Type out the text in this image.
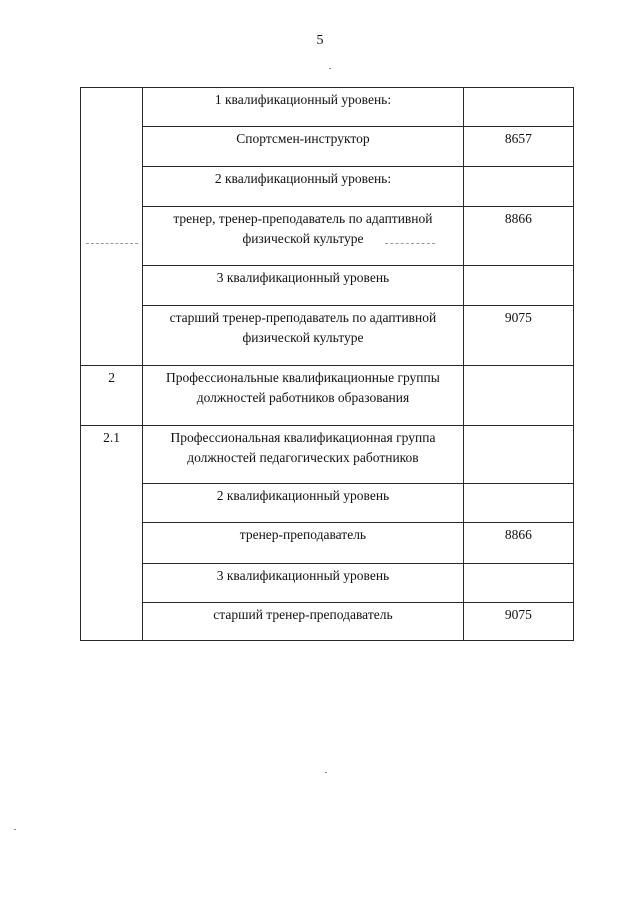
5
	1 квалификационный уровень:	
	Спортсмен-инструктор	8657
	2 квалификационный уровень:	
	тренер, тренер-преподаватель по адаптивной физической культуре	8866
	3 квалификационный уровень	
	старший тренер-преподаватель по адаптивной физической культуре	9075
2	Профессиональные квалификационные группы должностей работников образования	
2.1	Профессиональная квалификационная группа должностей педагогических работников	
	2 квалификационный уровень	
	тренер-преподаватель	8866
	3 квалификационный уровень	
	старший тренер-преподаватель	9075
